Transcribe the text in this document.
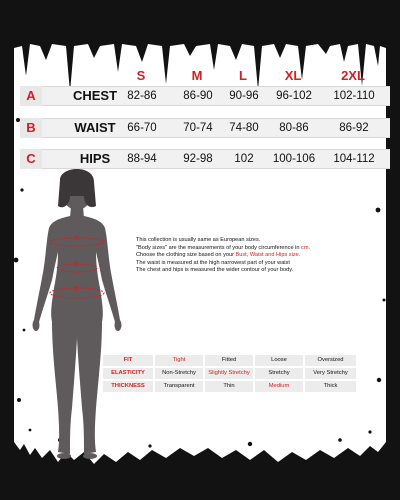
S	M	L	XL	2XL
A	CHEST 82-86	86-90	90-96	96-102	102-110
B	WAIST	66-70	70-74	74-80	80-86	86-92
C	HIPS	88-94	92-98	102	100-106	104-112
A
B
C
This collection is usually same as European sizes.
"Body sizes" are the measurements of your body circumference in cm.
Choose the clothing size based on your Bust, Waist and Hips size.
The waist is measured at the high narrowest part of your waist
The chest and hips is measured the wider contour of your body.
FIT	Tight	Fitted	Loose	Oversized
ELASTICITY	Non-Stretchy	Slightly Stretchy	Stretchy	Very Stretchy
THICKNESS	Transparent	Thin	Medium	Thick
